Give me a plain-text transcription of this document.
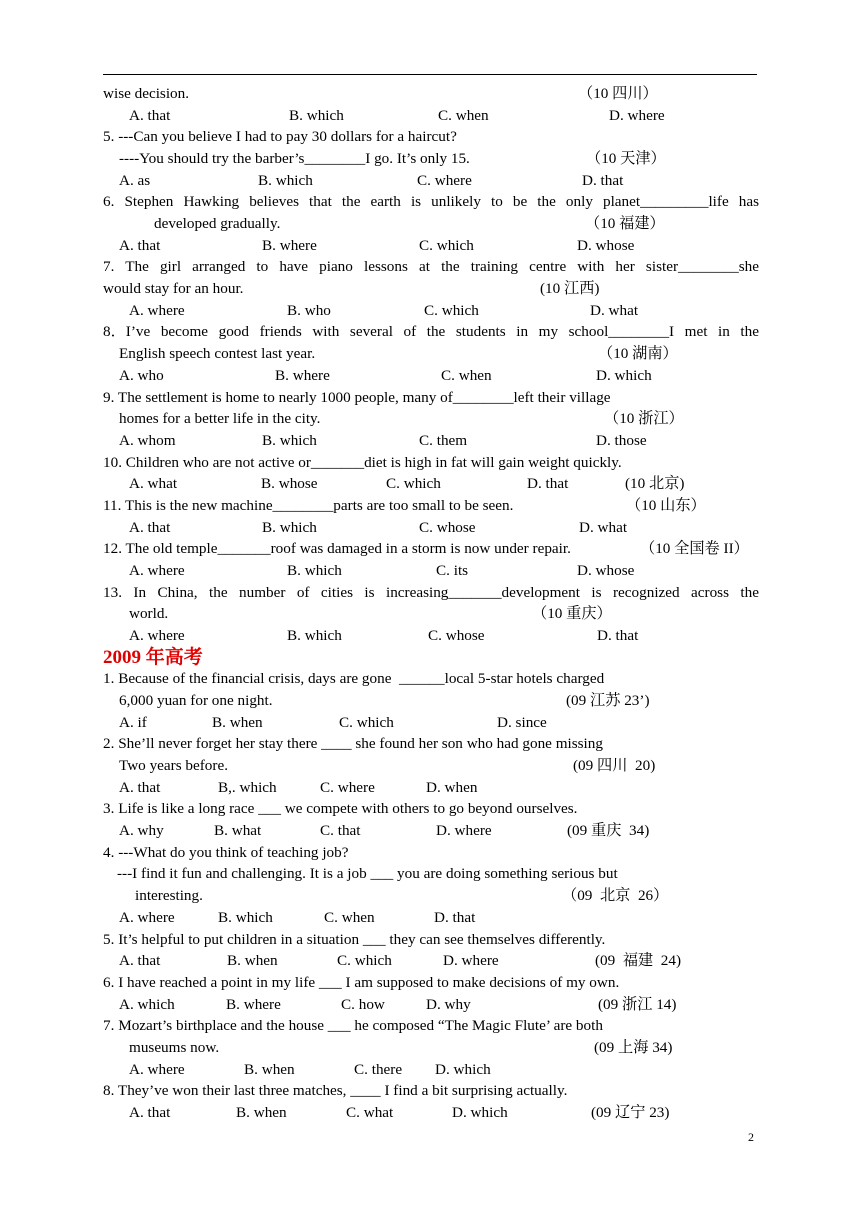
wise decision.	（10 四川）
A. that	B. which	C. when	D. where
5. ---Can you believe I had to pay 30 dollars for a haircut?
----You should try the barber’s________I go. It’s only 15.	（10 天津）
A. as	B. which	C. where	D. that
6. Stephen Hawking believes that the earth is unlikely to be the only planet_________life has
developed gradually.	（10 福建）
A. that	B. where	C. which	D. whose
7. The girl arranged to have piano lessons at the training centre with her sister________she
would stay for an hour.	(10 江西)
A. where	B. who	C. which	D. what
8．I’ve become good friends with several of the students in my school________I met in the
English speech contest last year.	（10 湖南）
A. who	B. where	C. when	D. which
9. The settlement is home to nearly 1000 people, many of________left their village
homes for a better life in the city.	（10 浙江）
A. whom	B. which	C. them	D. those
10. Children who are not active or_______diet is high in fat will gain weight quickly.
A. what	B. whose	C. which	D. that	(10 北京)
11. This is the new machine________parts are too small to be seen.	（10 山东）
A. that	B. which	C. whose	D. what
12. The old temple_______roof was damaged in a storm is now under repair.	（10 全国卷 II）
A. where	B. which	C. its	D. whose
13. In China, the number of cities is increasing_______development is recognized across the
world.	（10 重庆）
A. where	B. which	C. whose	D. that
2009 年高考
1. Because of the financial crisis, days are gone  ______local 5-star hotels charged
6,000 yuan for one night.	(09 江苏 23’)
A. if	B. when	C. which	D. since
2. She’ll never forget her stay there ____ she found her son who had gone missing
Two years before.	(09 四川  20)
A. that	B,. which	C. where	D. when
3. Life is like a long race ___ we compete with others to go beyond ourselves.
A. why	B. what	C. that	D. where	(09 重庆  34)
4. ---What do you think of teaching job?
---I find it fun and challenging. It is a job ___ you are doing something serious but
interesting.	（09  北京  26）
A. where	B. which	C. when	D. that
5. It’s helpful to put children in a situation ___ they can see themselves differently.
A. that	B. when	C. which	D. where	(09  福建  24)
6. I have reached a point in my life ___ I am supposed to make decisions of my own.
A. which	B. where	C. how	D. why	(09 浙江 14)
7. Mozart’s birthplace and the house ___ he composed “The Magic Flute’ are both
museums now.	(09 上海 34)
A. where	B. when	C. there D. which
8. They’ve won their last three matches, ____ I find a bit surprising actually.
A. that	B. when	C. what	D. which	(09 辽宁 23)
2
